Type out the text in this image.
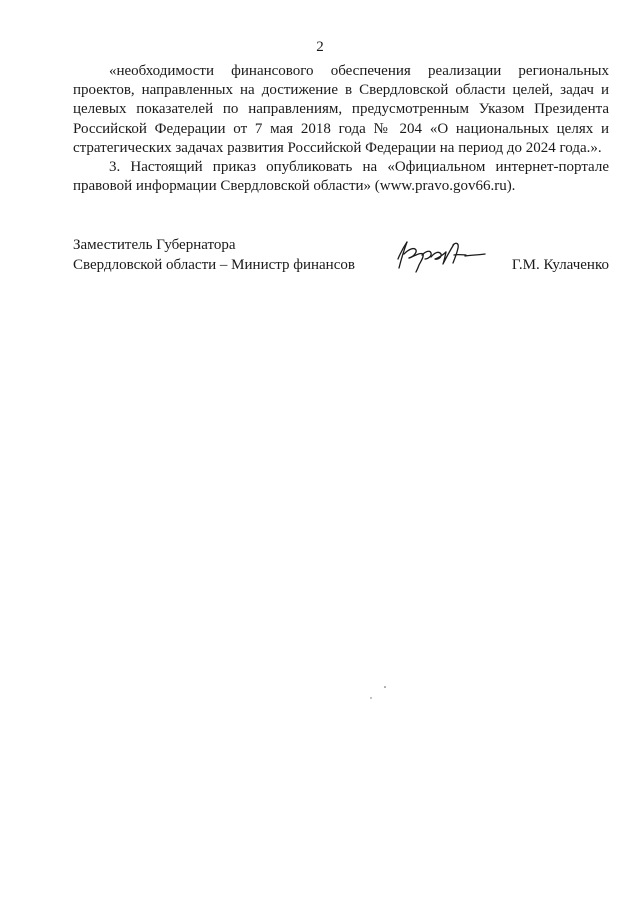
2

«необходимости финансового обеспечения реализации региональных проектов, направленных на достижение в Свердловской области целей, задач и целевых показателей по направлениям, предусмотренным Указом Президента Российской Федерации от 7 мая 2018 года № 204 «О национальных целях и стратегических задачах развития Российской Федерации на период до 2024 года.».

3. Настоящий приказ опубликовать на «Официальном интернет-портале правовой информации Свердловской области» (www.pravo.gov66.ru).

Заместитель Губернатора
Свердловской области – Министр финансов	Г.М. Кулаченко
